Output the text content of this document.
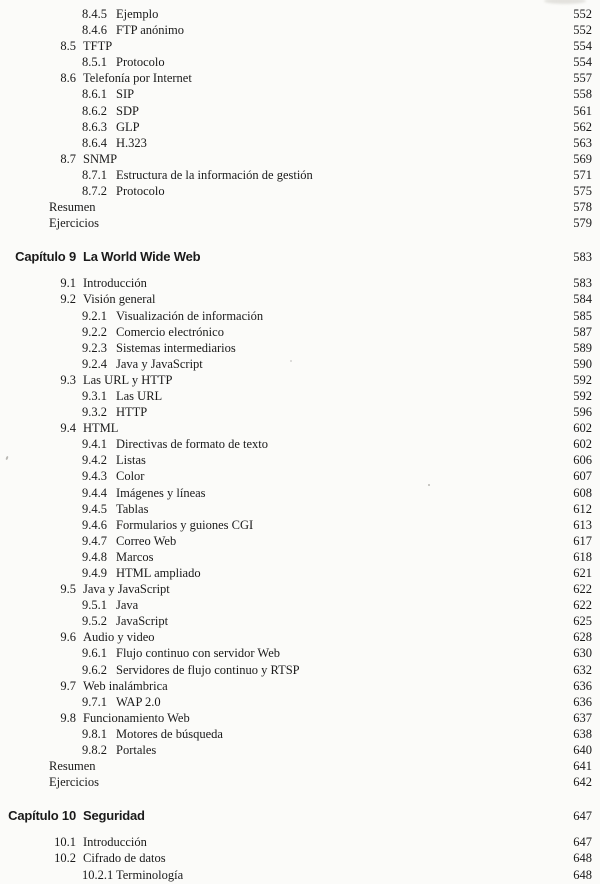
8.4.5 Ejemplo	552
8.4.6 FTP anónimo	552
8.5 TFTP	554
8.5.1 Protocolo	554
8.6 Telefonía por Internet	557
8.6.1 SIP	558
8.6.2 SDP	561
8.6.3 GLP	562
8.6.4 H.323	563
8.7 SNMP	569
8.7.1 Estructura de la información de gestión	571
8.7.2 Protocolo	575
Resumen	578
Ejercicios	579
Capítulo 9 La World Wide Web	583
9.1 Introducción	583
9.2 Visión general	584
9.2.1 Visualización de información	585
9.2.2 Comercio electrónico	587
9.2.3 Sistemas intermediarios	589
9.2.4 Java y JavaScript	590
9.3 Las URL y HTTP	592
9.3.1 Las URL	592
9.3.2 HTTP	596
9.4 HTML	602
9.4.1 Directivas de formato de texto	602
9.4.2 Listas	606
9.4.3 Color	607
9.4.4 Imágenes y líneas	608
9.4.5 Tablas	612
9.4.6 Formularios y guiones CGI	613
9.4.7 Correo Web	617
9.4.8 Marcos	618
9.4.9 HTML ampliado	621
9.5 Java y JavaScript	622
9.5.1 Java	622
9.5.2 JavaScript	625
9.6 Audio y video	628
9.6.1 Flujo continuo con servidor Web	630
9.6.2 Servidores de flujo continuo y RTSP	632
9.7 Web inalámbrica	636
9.7.1 WAP 2.0	636
9.8 Funcionamiento Web	637
9.8.1 Motores de búsqueda	638
9.8.2 Portales	640
Resumen	641
Ejercicios	642
Capítulo 10 Seguridad	647
10.1 Introducción	647
10.2 Cifrado de datos	648
10.2.1 Terminología	648
